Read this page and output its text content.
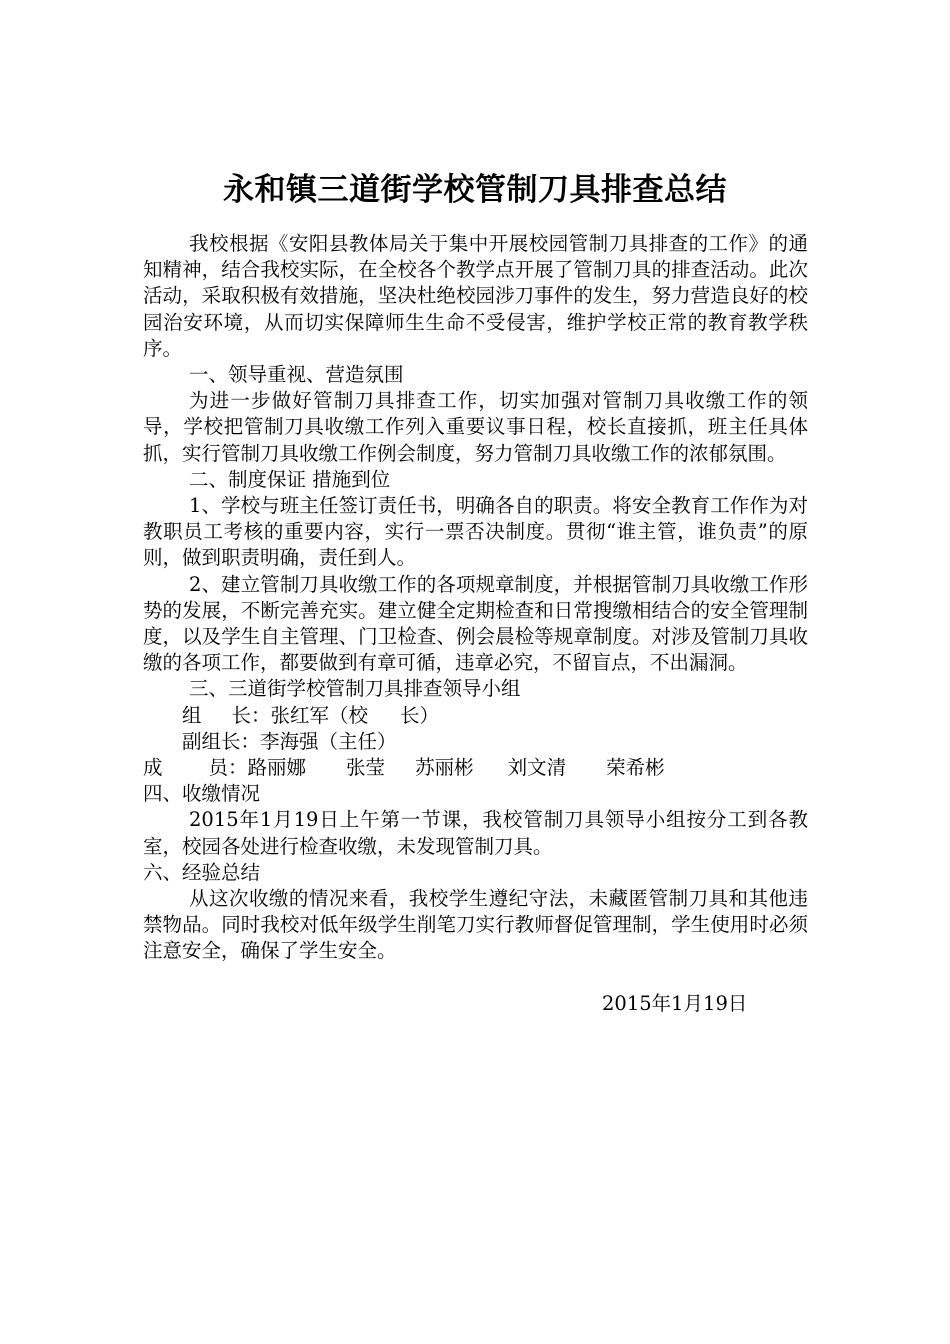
永和镇三道街学校管制刀具排查总结

我校根据《安阳县教体局关于集中开展校园管制刀具排查的工作》的通知精神，结合我校实际，在全校各个教学点开展了管制刀具的排查活动。此次活动，采取积极有效措施，坚决杜绝校园涉刀事件的发生，努力营造良好的校园治安环境，从而切实保障师生生命不受侵害，维护学校正常的教育教学秩序。

一、领导重视、营造氛围

为进一步做好管制刀具排查工作，切实加强对管制刀具收缴工作的领导，学校把管制刀具收缴工作列入重要议事日程，校长直接抓，班主任具体抓，实行管制刀具收缴工作例会制度，努力管制刀具收缴工作的浓郁氛围。

二、制度保证 措施到位

1、学校与班主任签订责任书，明确各自的职责。将安全教育工作作为对教职员工考核的重要内容，实行一票否决制度。贯彻“谁主管，谁负责”的原则，做到职责明确，责任到人。

2、建立管制刀具收缴工作的各项规章制度，并根据管制刀具收缴工作形势的发展，不断完善充实。建立健全定期检查和日常搜缴相结合的安全管理制度，以及学生自主管理、门卫检查、例会晨检等规章制度。对涉及管制刀具收缴的各项工作，都要做到有章可循，违章必究，不留盲点，不出漏洞。

三、三道街学校管制刀具排查领导小组

组 长：张红军（校 长）

副组长：李海强（主任）

成 员：路丽娜 张莹 苏丽彬 刘文清 荣希彬

四、收缴情况

2015年1月19日上午第一节课，我校管制刀具领导小组按分工到各教室，校园各处进行检查收缴，未发现管制刀具。

六、经验总结

从这次收缴的情况来看，我校学生遵纪守法，未藏匿管制刀具和其他违禁物品。同时我校对低年级学生削笔刀实行教师督促管理制，学生使用时必须注意安全，确保了学生安全。

2015年1月19日
